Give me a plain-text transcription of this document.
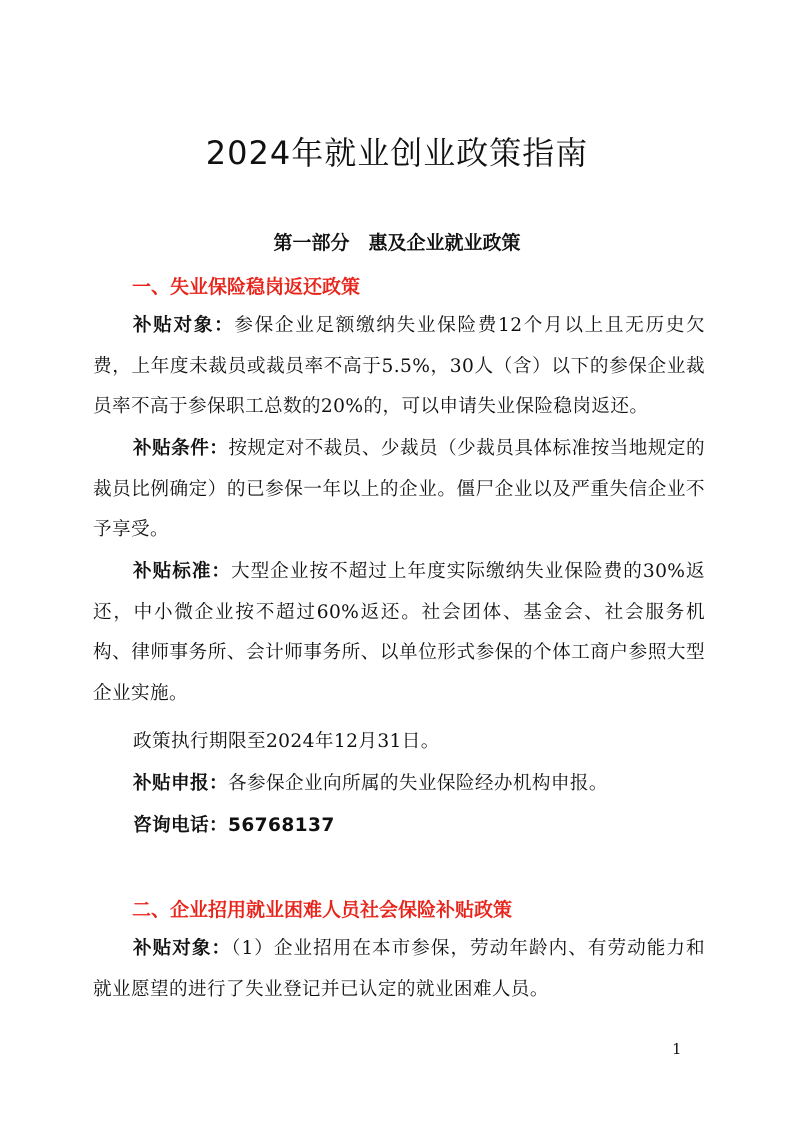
2024年就业创业政策指南
第一部分　惠及企业就业政策
一、失业保险稳岗返还政策
补贴对象：参保企业足额缴纳失业保险费12个月以上且无历史欠费，上年度未裁员或裁员率不高于5.5%，30人（含）以下的参保企业裁员率不高于参保职工总数的20%的，可以申请失业保险稳岗返还。
补贴条件：按规定对不裁员、少裁员（少裁员具体标准按当地规定的裁员比例确定）的已参保一年以上的企业。僵尸企业以及严重失信企业不予享受。
补贴标准：大型企业按不超过上年度实际缴纳失业保险费的30%返还，中小微企业按不超过60%返还。社会团体、基金会、社会服务机构、律师事务所、会计师事务所、以单位形式参保的个体工商户参照大型企业实施。
政策执行期限至2024年12月31日。
补贴申报：各参保企业向所属的失业保险经办机构申报。
咨询电话：56768137
二、企业招用就业困难人员社会保险补贴政策
补贴对象：（1）企业招用在本市参保，劳动年龄内、有劳动能力和就业愿望的进行了失业登记并已认定的就业困难人员。
1
